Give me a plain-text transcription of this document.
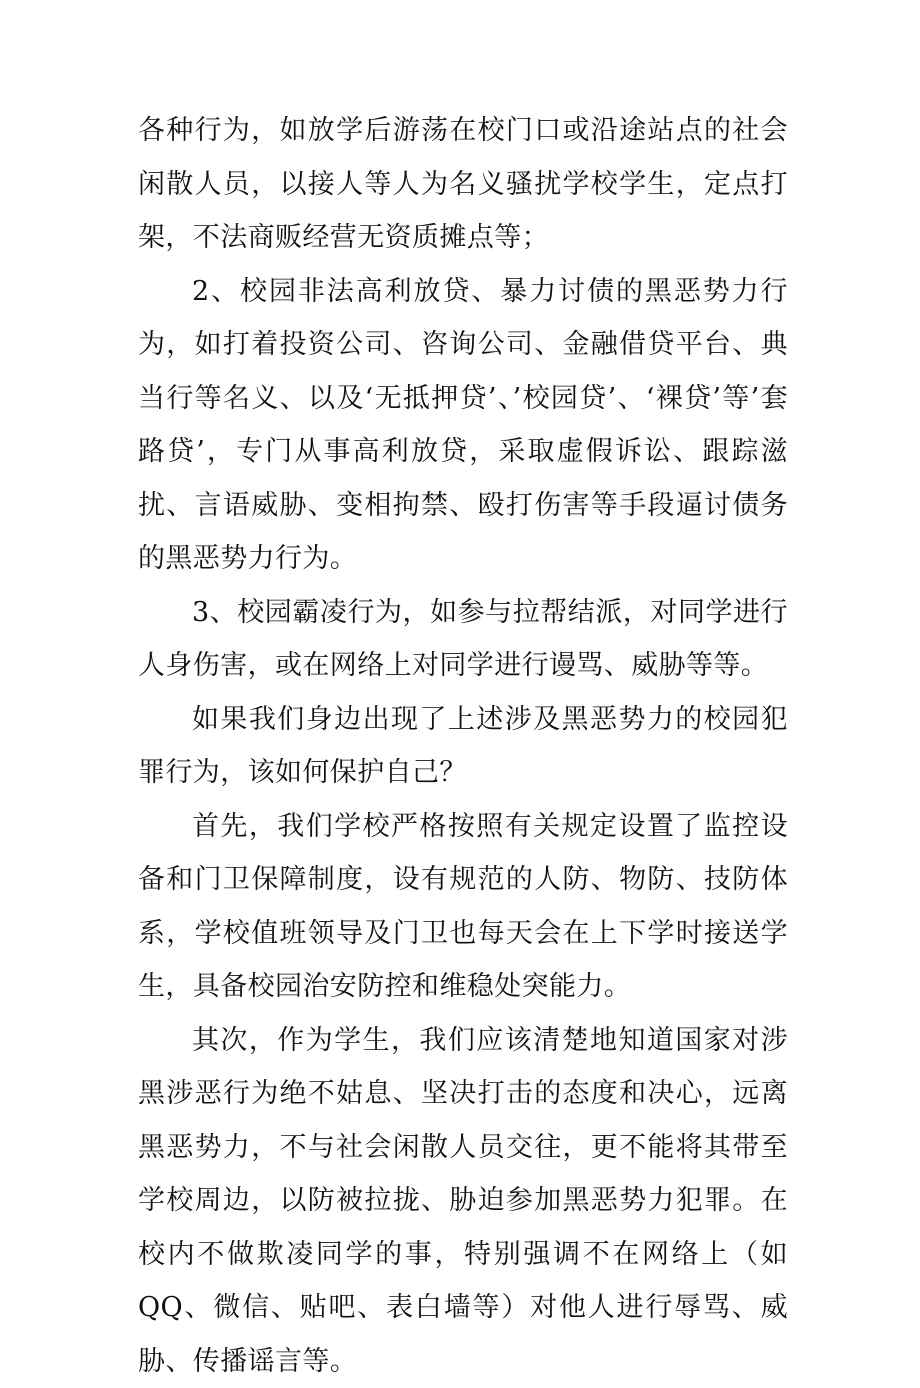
各种行为，如放学后游荡在校门口或沿途站点的社会闲散人员，以接人等人为名义骚扰学校学生，定点打架，不法商贩经营无资质摊点等；

2、校园非法高利放贷、暴力讨债的黑恶势力行为，如打着投资公司、咨询公司、金融借贷平台、典当行等名义、以及‘无抵押贷’、’校园贷’、‘裸贷’等’套路贷’，专门从事高利放贷，采取虚假诉讼、跟踪滋扰、言语威胁、变相拘禁、殴打伤害等手段逼讨债务的黑恶势力行为。

3、校园霸凌行为，如参与拉帮结派，对同学进行人身伤害，或在网络上对同学进行谩骂、威胁等等。

如果我们身边出现了上述涉及黑恶势力的校园犯罪行为，该如何保护自己？

首先，我们学校严格按照有关规定设置了监控设备和门卫保障制度，设有规范的人防、物防、技防体系，学校值班领导及门卫也每天会在上下学时接送学生，具备校园治安防控和维稳处突能力。

其次，作为学生，我们应该清楚地知道国家对涉黑涉恶行为绝不姑息、坚决打击的态度和决心，远离黑恶势力，不与社会闲散人员交往，更不能将其带至学校周边，以防被拉拢、胁迫参加黑恶势力犯罪。在校内不做欺凌同学的事，特别强调不在网络上（如QQ、微信、贴吧、表白墙等）对他人进行辱骂、威胁、传播谣言等。
